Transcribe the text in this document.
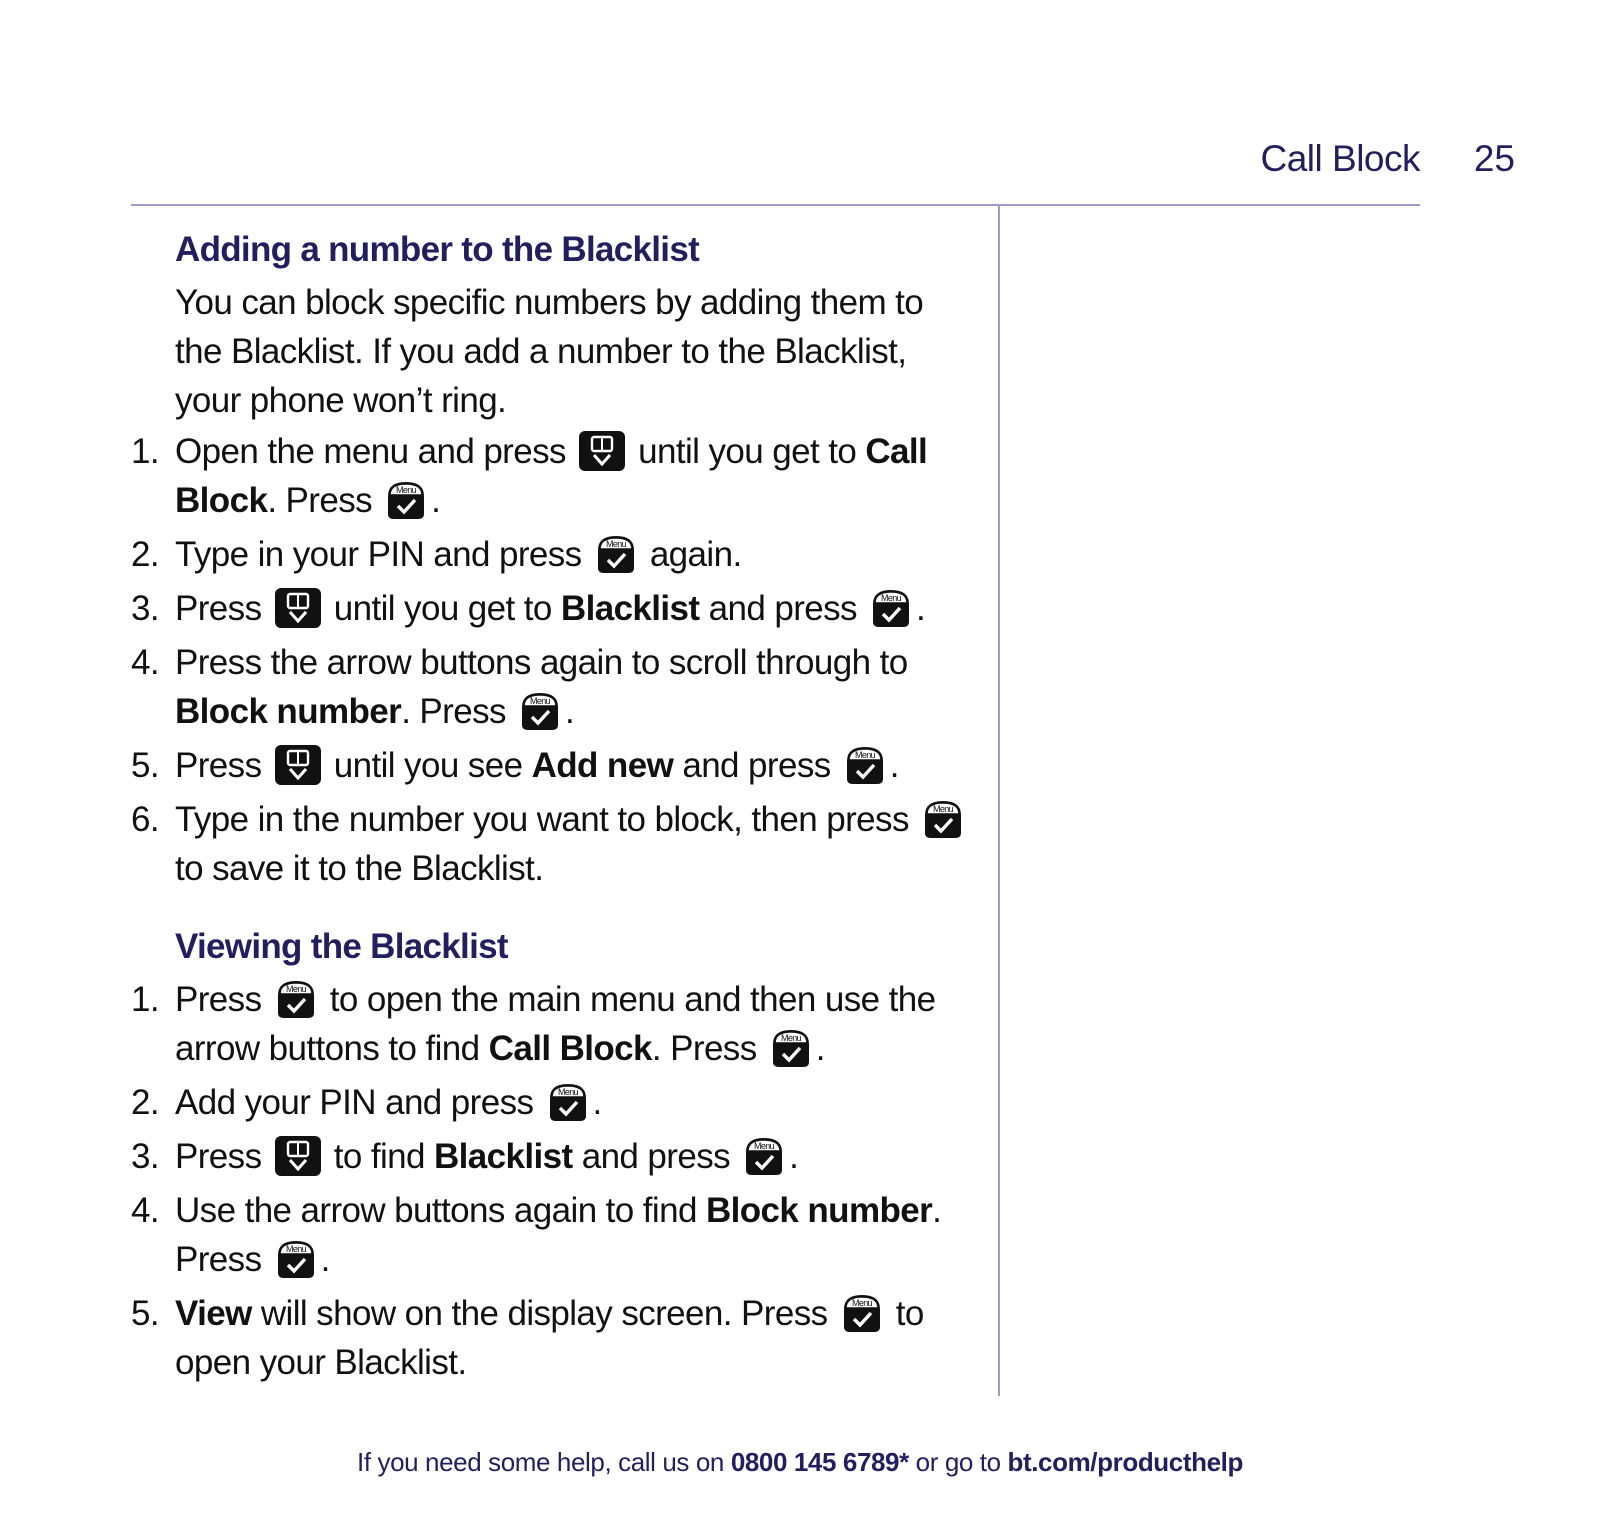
Call Block	25
Adding a number to the Blacklist

You can block specific numbers by adding them to the Blacklist. If you add a number to the Blacklist, your phone won’t ring.

1. Open the menu and press until you get to Call Block. Press	Menu .
2. Type in your PIN and press	Menu again.
3. Press until you get to Blacklist and press	Menu .
4. Press the arrow buttons again to scroll through to Block number. Press	Menu .
5. Press until you see Add new and press	Menu .
6. Type in the number you want to block, then press	Menu
to save it to the Blacklist.
Viewing the Blacklist
1. Press	Menu to open the main menu and then use the arrow buttons to find Call Block. Press	Menu .
2. Add your PIN and press	Menu .
3. Press to find Blacklist and press	Menu .
4. Use the arrow buttons again to find Block number. Press	Menu .
5. View will show on the display screen. Press	Menu to open your Blacklist.
If you need some help, call us on 0800 145 6789* or go to bt.com/producthelp
